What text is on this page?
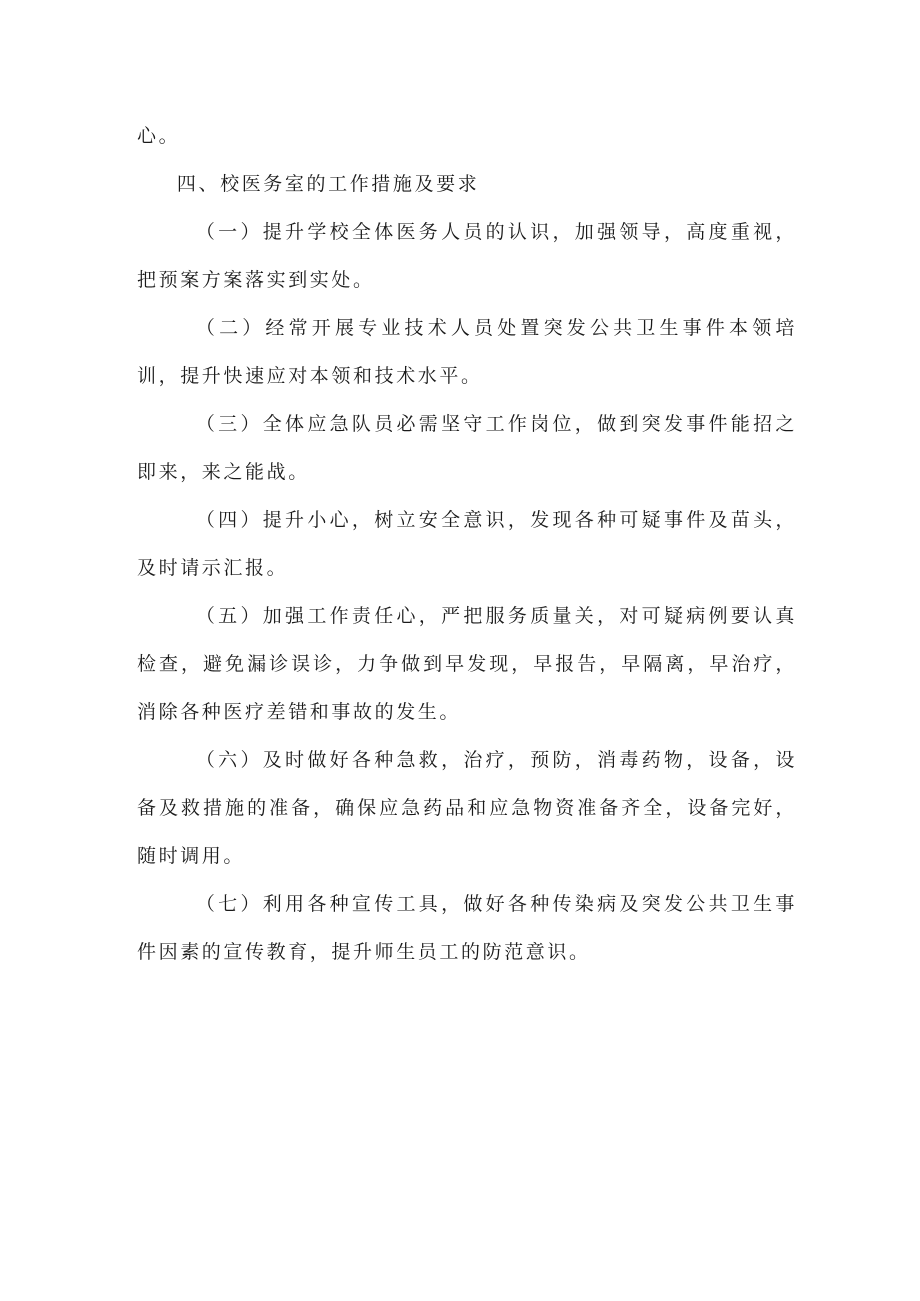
心。

四、校医务室的工作措施及要求

（一）提升学校全体医务人员的认识，加强领导，高度重视，把预案方案落实到实处。

（二）经常开展专业技术人员处置突发公共卫生事件本领培训，提升快速应对本领和技术水平。

（三）全体应急队员必需坚守工作岗位，做到突发事件能招之即来，来之能战。

（四）提升小心，树立安全意识，发现各种可疑事件及苗头，及时请示汇报。

（五）加强工作责任心，严把服务质量关，对可疑病例要认真检查，避免漏诊误诊，力争做到早发现，早报告，早隔离，早治疗，消除各种医疗差错和事故的发生。

（六）及时做好各种急救，治疗，预防，消毒药物，设备，设备及救措施的准备，确保应急药品和应急物资准备齐全，设备完好，随时调用。

（七）利用各种宣传工具，做好各种传染病及突发公共卫生事件因素的宣传教育，提升师生员工的防范意识。
